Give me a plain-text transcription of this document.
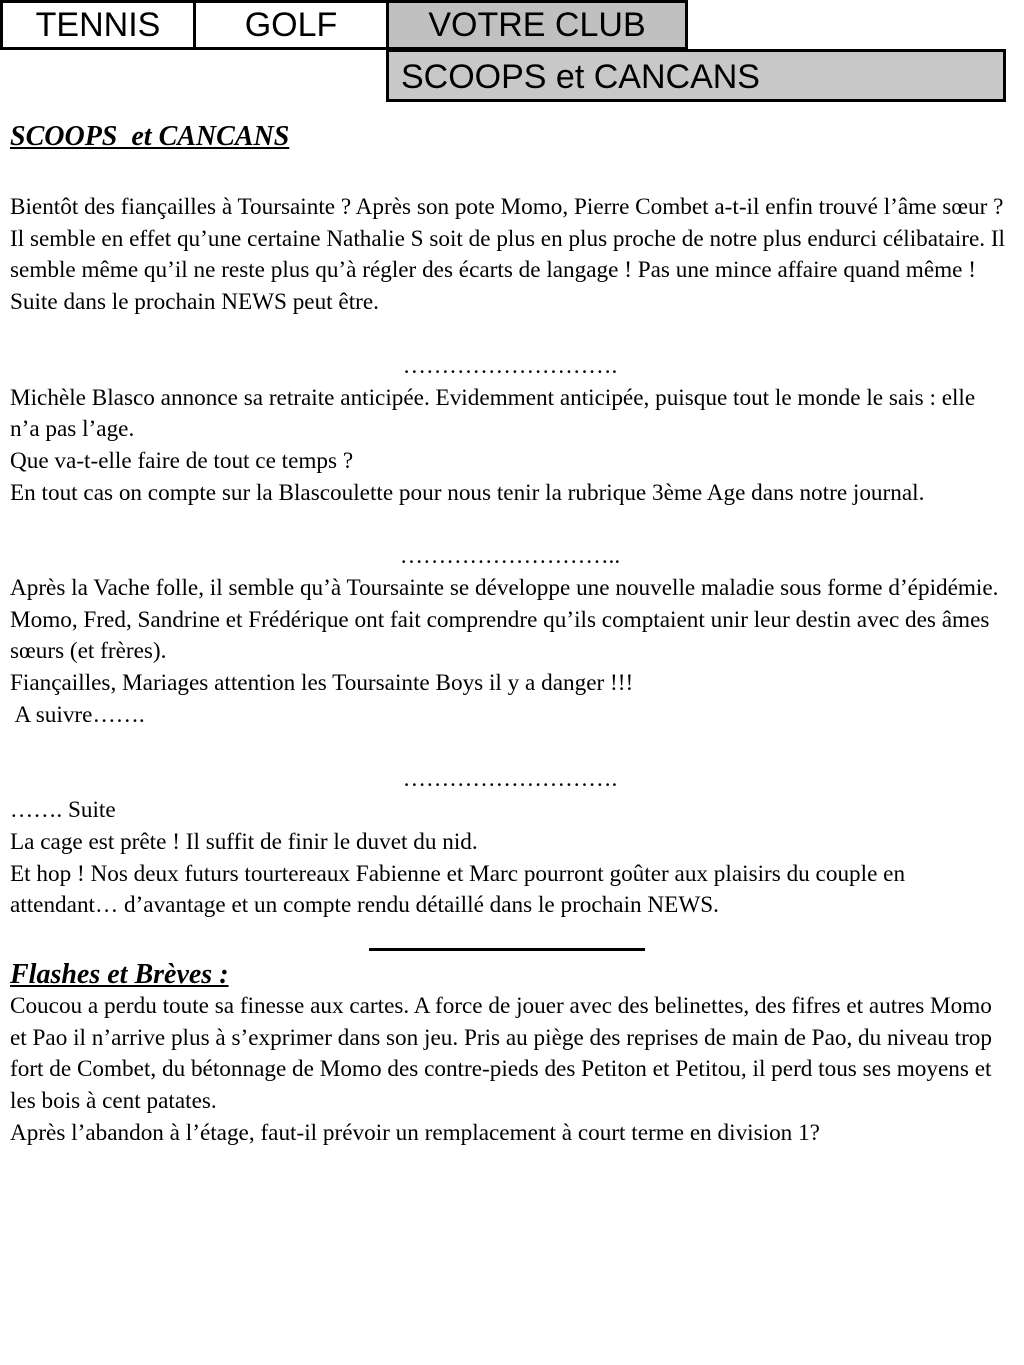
TENNIS	GOLF	VOTRE CLUB
SCOOPS et CANCANS
SCOOPS  et CANCANS

Bientôt des fiançailles à Toursainte ? Après son pote Momo, Pierre Combet a-t-il enfin trouvé l’âme sœur ?

Il semble en effet qu’une certaine Nathalie S soit de plus en plus proche de notre plus endurci célibataire. Il semble même qu’il ne reste plus qu’à régler des écarts de langage ! Pas une mince affaire quand même !

Suite dans le prochain NEWS peut être.

……………………….

Michèle Blasco annonce sa retraite anticipée. Evidemment anticipée, puisque tout le monde le sais : elle n’a pas l’age.

Que va-t-elle faire de tout ce temps ?

En tout cas on compte sur la Blascoulette pour nous tenir la rubrique 3ème Age dans notre journal.

………………………..

Après la Vache folle, il semble qu’à Toursainte se développe une nouvelle maladie sous forme d’épidémie.

Momo, Fred, Sandrine et Frédérique ont fait comprendre qu’ils comptaient unir leur destin avec des âmes sœurs (et frères).

Fiançailles, Mariages attention les Toursainte Boys il y a danger !!!

A suivre…….

……………………….

……. Suite

La cage est prête ! Il suffit de finir le duvet du nid.

Et hop ! Nos deux futurs tourtereaux Fabienne et Marc pourront goûter aux plaisirs du couple en attendant… d’avantage et un compte rendu détaillé dans le prochain NEWS.

Flashes et Brèves :

Coucou a perdu toute sa finesse aux cartes. A force de jouer avec des belinettes, des fifres et autres Momo et Pao il n’arrive plus à s’exprimer dans son jeu. Pris au piège des reprises de main de Pao, du niveau trop fort de Combet, du bétonnage de Momo des contre-pieds des Petiton et Petitou, il perd tous ses moyens et les bois à cent patates.

Après l’abandon à l’étage, faut-il prévoir un remplacement à court terme en division 1?
